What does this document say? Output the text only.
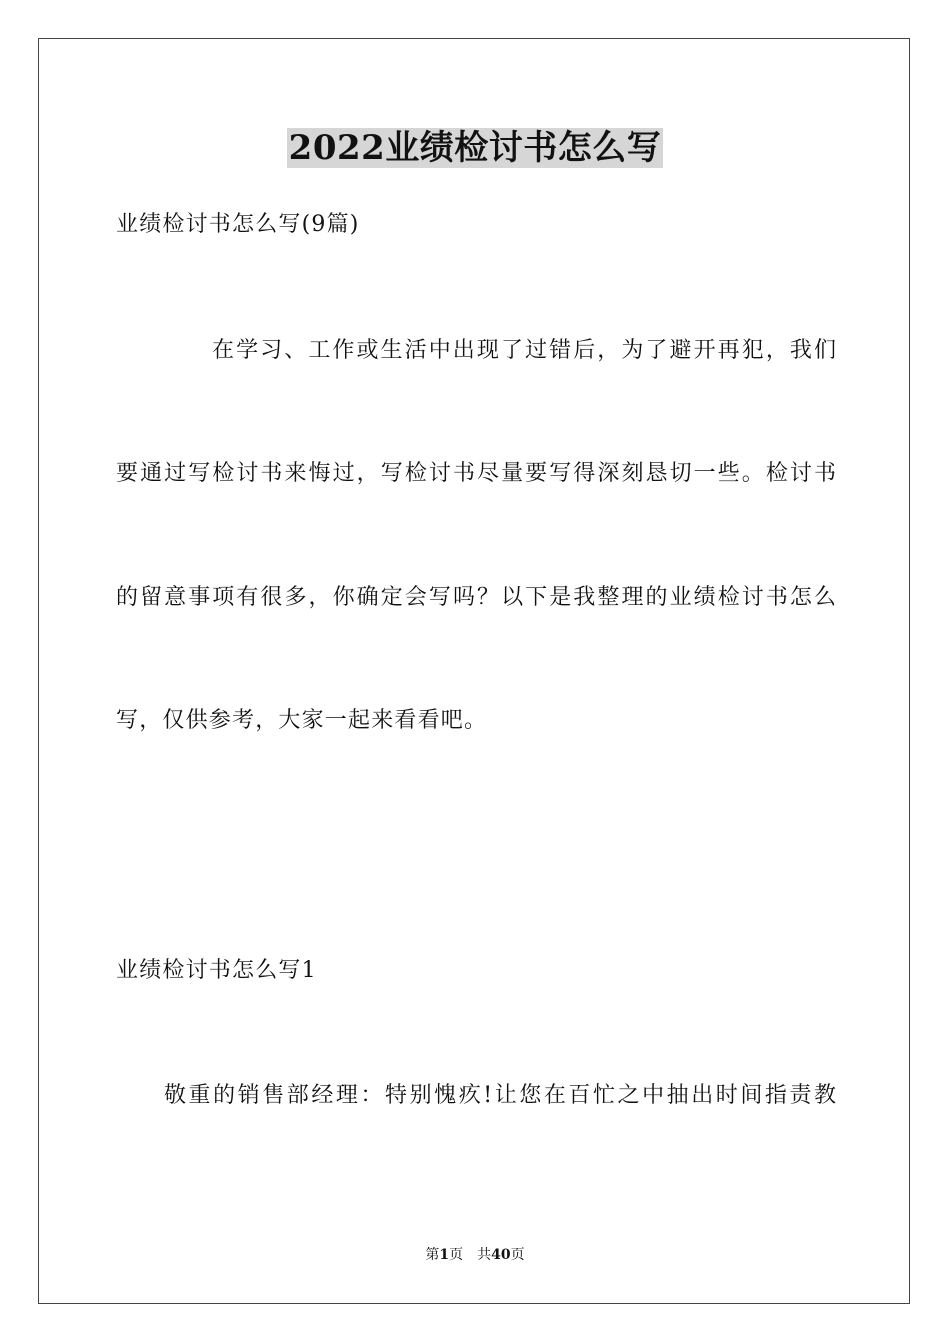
2022业绩检讨书怎么写
业绩检讨书怎么写(9篇)
在学习、工作或生活中出现了过错后，为了避开再犯，我们
要通过写检讨书来悔过，写检讨书尽量要写得深刻恳切一些。检讨书
的留意事项有很多，你确定会写吗？以下是我整理的业绩检讨书怎么
写，仅供参考，大家一起来看看吧。
业绩检讨书怎么写1
敬重的销售部经理：特别愧疚!让您在百忙之中抽出时间指责教
第1页 共40页
